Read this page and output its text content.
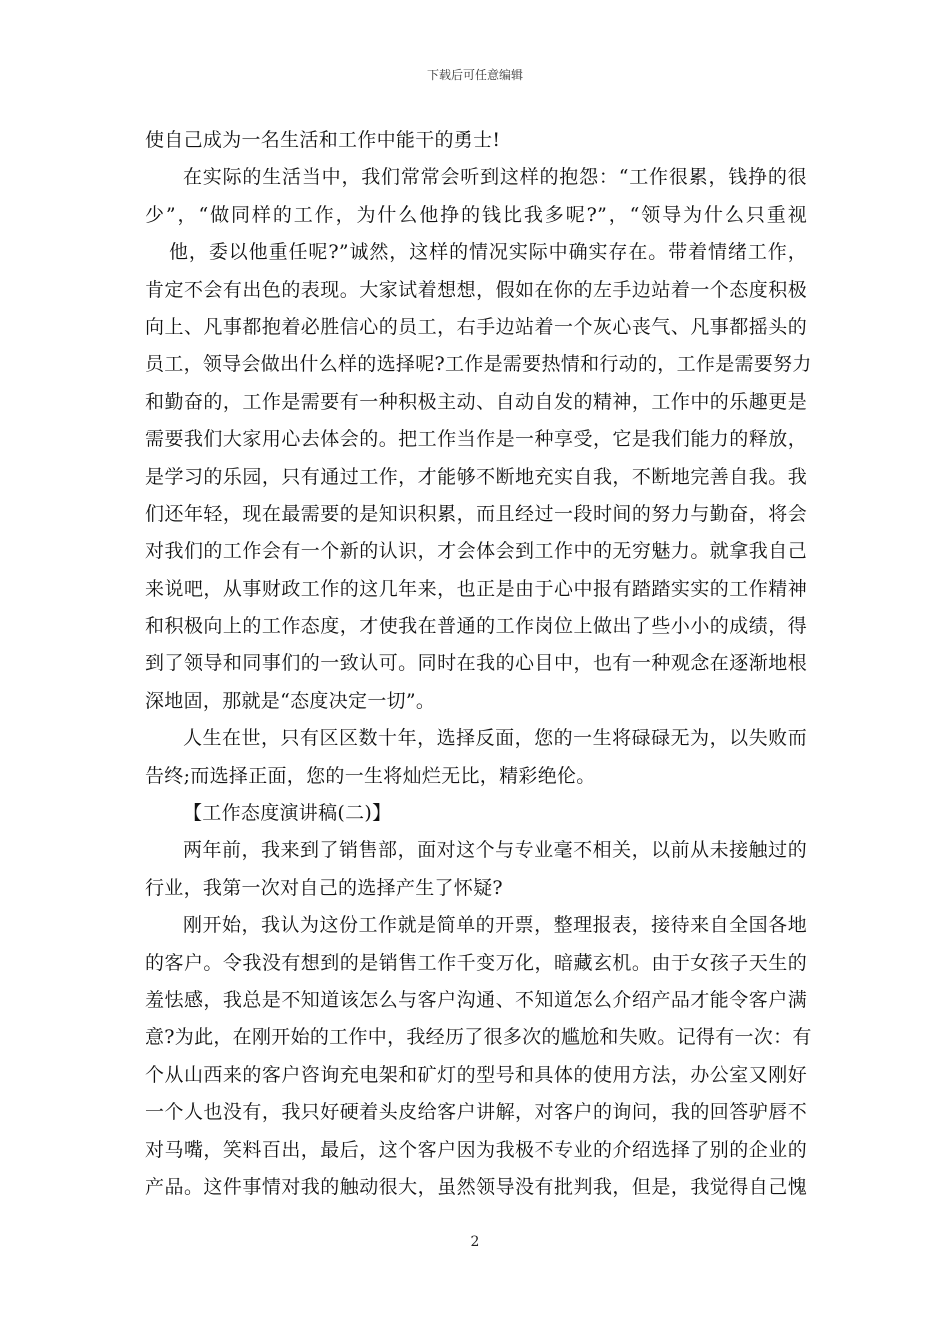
下载后可任意编辑
使自己成为一名生活和工作中能干的勇士!
在实际的生活当中，我们常常会听到这样的抱怨：“工作很累，钱挣的很
少”，“做同样的工作，为什么他挣的钱比我多呢?”，“领导为什么只重视
他，委以他重任呢?”诚然，这样的情况实际中确实存在。带着情绪工作，
肯定不会有出色的表现。大家试着想想，假如在你的左手边站着一个态度积极
向上、凡事都抱着必胜信心的员工，右手边站着一个灰心丧气、凡事都摇头的
员工，领导会做出什么样的选择呢?工作是需要热情和行动的，工作是需要努力
和勤奋的，工作是需要有一种积极主动、自动自发的精神，工作中的乐趣更是
需要我们大家用心去体会的。把工作当作是一种享受，它是我们能力的释放，
是学习的乐园，只有通过工作，才能够不断地充实自我，不断地完善自我。我
们还年轻，现在最需要的是知识积累，而且经过一段时间的努力与勤奋，将会
对我们的工作会有一个新的认识，才会体会到工作中的无穷魅力。就拿我自己
来说吧，从事财政工作的这几年来，也正是由于心中报有踏踏实实的工作精神
和积极向上的工作态度，才使我在普通的工作岗位上做出了些小小的成绩，得
到了领导和同事们的一致认可。同时在我的心目中，也有一种观念在逐渐地根
深地固，那就是“态度决定一切”。
人生在世，只有区区数十年，选择反面，您的一生将碌碌无为，以失败而
告终;而选择正面，您的一生将灿烂无比，精彩绝伦。
【工作态度演讲稿(二)】
两年前，我来到了销售部，面对这个与专业毫不相关，以前从未接触过的
行业，我第一次对自己的选择产生了怀疑?
刚开始，我认为这份工作就是简单的开票，整理报表，接待来自全国各地
的客户。令我没有想到的是销售工作千变万化，暗藏玄机。由于女孩子天生的
羞怯感，我总是不知道该怎么与客户沟通、不知道怎么介绍产品才能令客户满
意?为此，在刚开始的工作中，我经历了很多次的尴尬和失败。记得有一次：有
个从山西来的客户咨询充电架和矿灯的型号和具体的使用方法，办公室又刚好
一个人也没有，我只好硬着头皮给客户讲解，对客户的询问，我的回答驴唇不
对马嘴，笑料百出，最后，这个客户因为我极不专业的介绍选择了别的企业的
产品。这件事情对我的触动很大，虽然领导没有批判我，但是，我觉得自己愧
2
